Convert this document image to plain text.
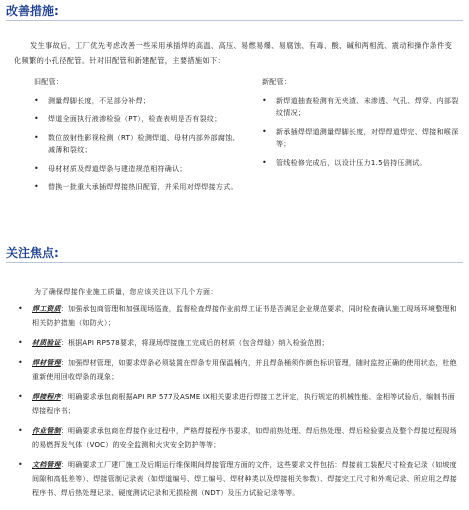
改善措施:

发生事故后，工厂优先考虑改善一些采用承插焊的高温、高压、易燃易爆、易腐蚀、有毒、酸、碱和两相流、震动和操作条件变化频繁的小孔径配管。针对旧配管和新建配管，主要措施如下：

旧配管：
• 测量焊脚长度，不足部分补焊；
• 焊道全面执行液渗检验（PT），检查表明是否有裂纹；
• 数位放射性影视检测（RT）检测焊道、母材内部外部腐蚀、减薄和裂纹；
• 母材材质及焊道焊条与建造规范相符确认；
• 替换一批重大承插焊焊接热旧配管，并采用对焊焊接方式。
新配管：
• 新焊道抽查检测有无夹渣、未渗透、气孔、焊穿、内部裂纹情况；
• 新承插焊焊道测量焊脚长度，对焊焊道焊完、焊接和喉深等；
• 管线检修完成后，以设计压力1.5倍持压测试。
关注焦点:

为了确保焊接作业施工质量，您应该关注以下几个方面：

• 焊工资质：加强承包商管理和加强现场巡查，监督检查焊接作业前焊工证书是否满足企业规范要求，同时检查确认施工现场环境整理和相关防护措施（如防火）；
• 材质验证：根据API RP578要求，将现场焊接施工完成后的材质（包含焊缝）纳入检验范围；
• 焊材管理：加强焊材管理，如要求焊条必须装置在焊条专用保温桶内，并且焊条桶须作颜色标识管理，随时监控正确的使用状态，杜绝重新使用回收焊条的现象；
• 焊接程序：明确要求承包商根据API RP 577及ASME IX相关要求进行焊接工艺评定，执行规定的机械性能、金相等试验后，编制书面焊接程序书；
• 作业管制：明确要求承包商在焊接作业过程中，严格焊接程序书要求，如焊前热处理、焊后热处理、焊后检验要点及整个焊接过程现场的易燃挥发气体（VOC）的安全监测和火灾安全防护等等；
• 文档管理：明确要求工厂建厂施工及后期运行维保期间焊接管理方面的文件，这些要求文件包括：焊接前工装配尺寸检查记录（如坡度间隙和高低差等）、焊接管制记录表（如焊道编号、焊工编号、焊材种类以及焊接相关参数）、焊接完工尺寸和外观记录、所应用之焊接程序书、焊后热处理记录、硬度测试记录和无损检测（NDT）及压力试验记录等等。
